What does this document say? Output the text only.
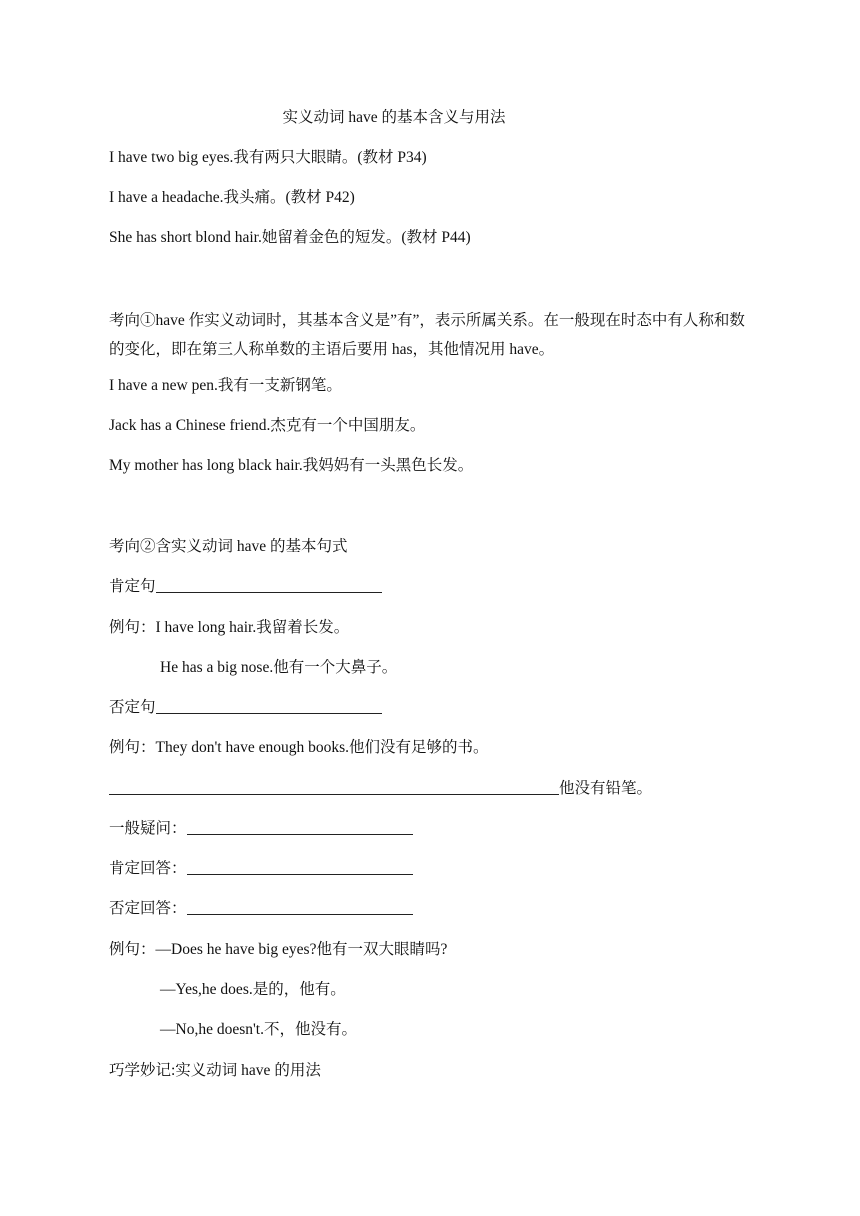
实义动词 have 的基本含义与用法
I have two big eyes.我有两只大眼睛。(教材 P34)
I have a headache.我头痛。(教材 P42)
She has short blond hair.她留着金色的短发。(教材 P44)
考向①have 作实义动词时，其基本含义是”有”，表示所属关系。在一般现在时态中有人称和数的变化，即在第三人称单数的主语后要用 has，其他情况用 have。
I have a new pen.我有一支新钢笔。
Jack has a Chinese friend.杰克有一个中国朋友。
My mother has long black hair.我妈妈有一头黑色长发。
考向②含实义动词 have 的基本句式
肯定句
例句：I have long hair.我留着长发。
He has a big nose.他有一个大鼻子。
否定句
例句：They don't have enough books.他们没有足够的书。
他没有铅笔。
一般疑问：
肯定回答：
否定回答：
例句：—Does he have big eyes?他有一双大眼睛吗?
—Yes,he does.是的，他有。
—No,he doesn't.不，他没有。
巧学妙记:实义动词 have 的用法
